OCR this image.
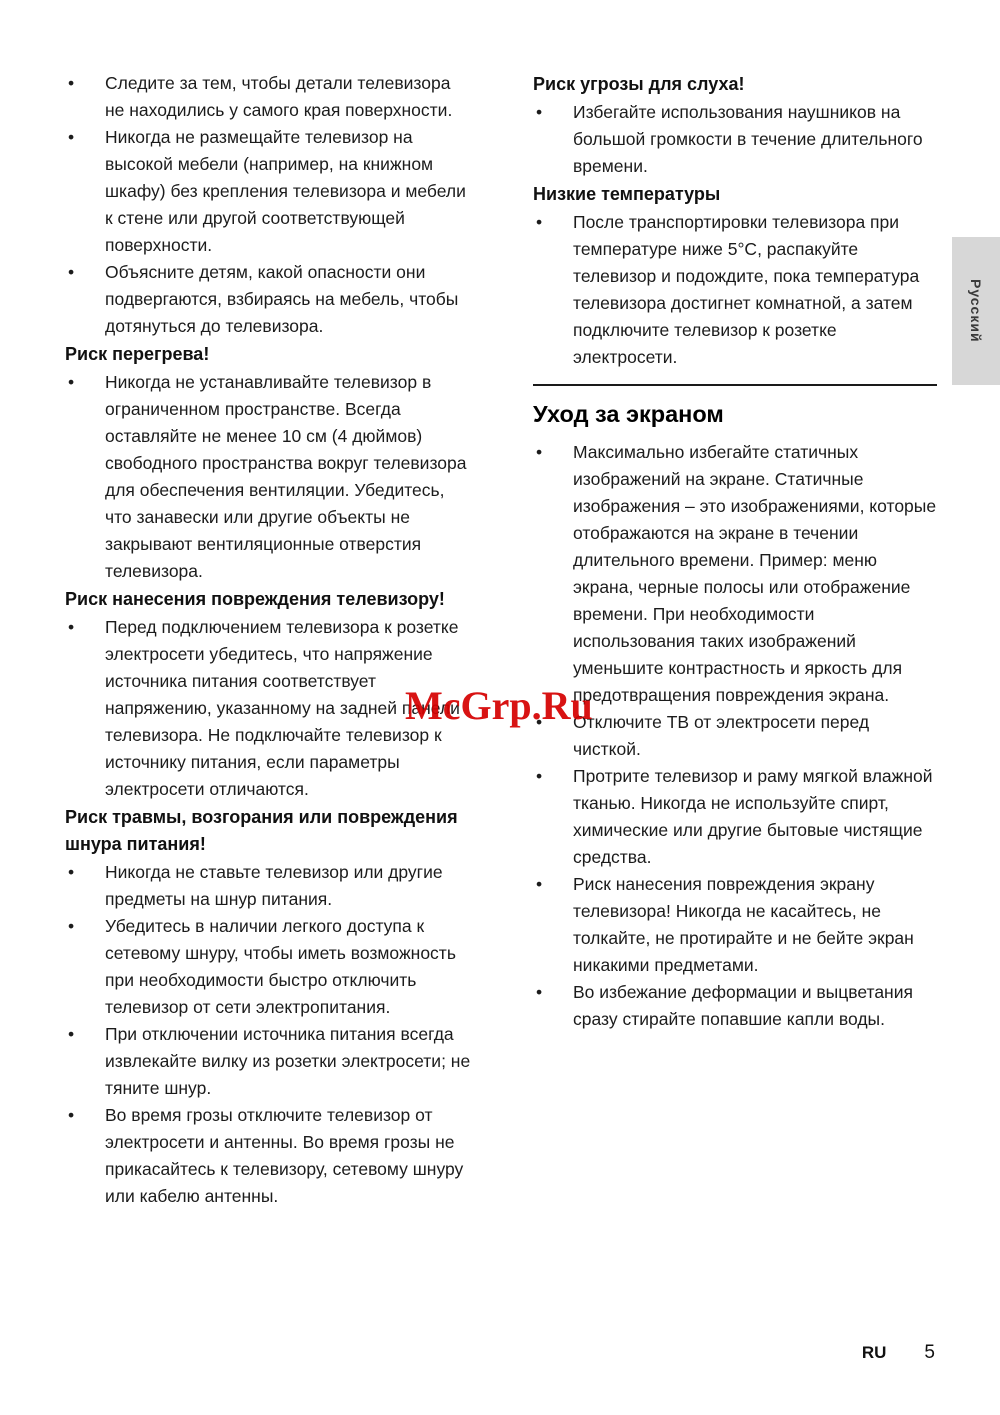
• Следите за тем, чтобы детали телевизора не находились у самого края поверхности.
• Никогда не размещайте телевизор на высокой мебели (например, на книжном шкафу) без крепления телевизора и мебели к стене или другой соответствующей поверхности.
• Объясните детям, какой опасности они подвергаются, взбираясь на мебель, чтобы дотянуться до телевизора.
Риск перегрева!
• Никогда не устанавливайте телевизор в ограниченном пространстве. Всегда оставляйте не менее 10 см (4 дюймов) свободного пространства вокруг телевизора для обеспечения вентиляции. Убедитесь, что занавески или другие объекты не закрывают вентиляционные отверстия телевизора.
Риск нанесения повреждения телевизору!
• Перед подключением телевизора к розетке электросети убедитесь, что напряжение источника питания соответствует напряжению, указанному на задней панели телевизора. Не подключайте телевизор к источнику питания, если параметры электросети отличаются.
Риск травмы, возгорания или повреждения шнура питания!
• Никогда не ставьте телевизор или другие предметы на шнур питания.
• Убедитесь в наличии легкого доступа к сетевому шнуру, чтобы иметь возможность при необходимости быстро отключить телевизор от сети электропитания.
• При отключении источника питания всегда извлекайте вилку из розетки электросети; не тяните шнур.
• Во время грозы отключите телевизор от электросети и антенны. Во время грозы не прикасайтесь к телевизору, сетевому шнуру или кабелю антенны.
Риск угрозы для слуха!
• Избегайте использования наушников на большой громкости в течение длительного времени.
Низкие температуры
• После транспортировки телевизора при температуре ниже 5°С, распакуйте телевизор и подождите, пока температура телевизора достигнет комнатной, а затем подключите телевизор к розетке электросети.
Уход за экраном
• Максимально избегайте статичных изображений на экране. Статичные изображения – это изображениями, которые отображаются на экране в течении длительного времени. Пример: меню экрана, черные полосы или отображение времени. При необходимости использования таких изображений уменьшите контрастность и яркость для предотвращения повреждения экрана.
• Отключите ТВ от электросети перед чисткой.
• Протрите телевизор и раму мягкой влажной тканью. Никогда не используйте спирт, химические или другие бытовые чистящие средства.
• Риск нанесения повреждения экрану телевизора! Никогда не касайтесь, не толкайте, не протирайте и не бейте экран никакими предметами.
• Во избежание деформации и выцветания сразу стирайте попавшие капли воды.
Русский
McGrp.Ru
RU 5
